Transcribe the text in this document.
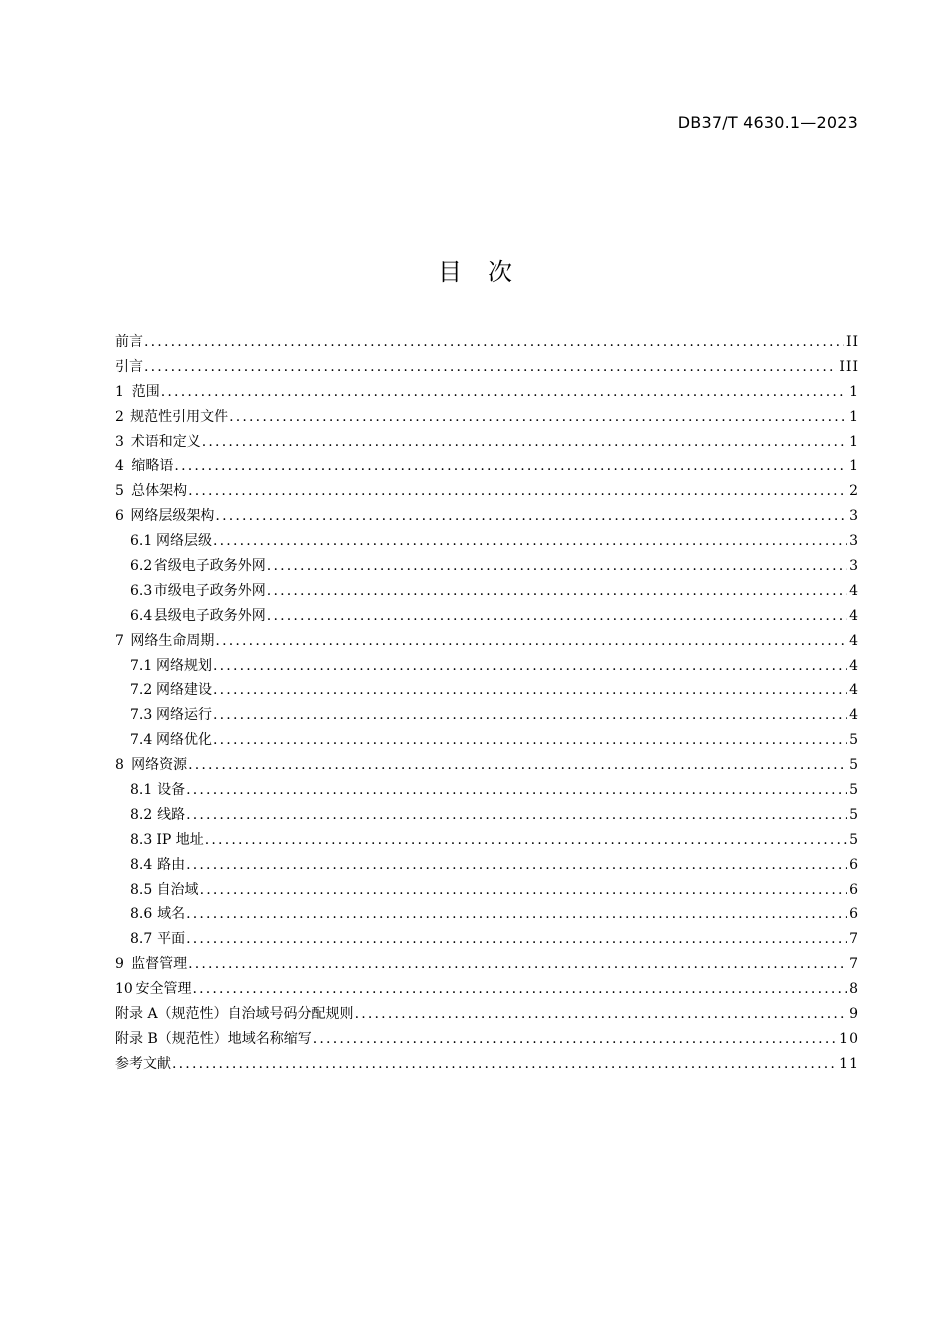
DB37/T 4630.1—2023
目 次
前言 .....	II
引言 .....	III
1 范围 .....	1
2 规范性引用文件 .....	1
3 术语和定义 .....	1
4 缩略语 .....	1
5 总体架构 .....	2
6 网络层级架构 .....	3
6.1 网络层级 .....	3
6.2 省级电子政务外网 .....	3
6.3 市级电子政务外网 .....	4
6.4 县级电子政务外网 .....	4
7 网络生命周期 .....	4
7.1 网络规划 .....	4
7.2 网络建设 .....	4
7.3 网络运行 .....	4
7.4 网络优化 .....	5
8 网络资源 .....	5
8.1 设备 .....	5
8.2 线路 .....	5
8.3 IP 地址 .....	5
8.4 路由 .....	6
8.5 自治域 .....	6
8.6 域名 .....	6
8.7 平面 .....	7
9 监督管理 .....	7
10 安全管理 .....	8
附录 A（规范性） 自治域号码分配规则 .....	9
附录 B（规范性） 地域名称缩写 .....	10
参考文献 .....	11
